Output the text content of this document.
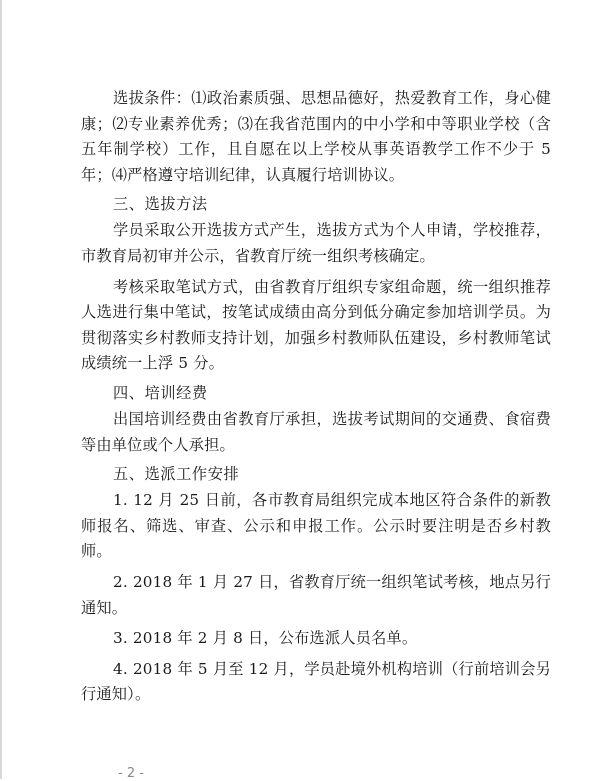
选拔条件：⑴政治素质强、思想品德好，热爱教育工作，身心健康；⑵专业素养优秀；⑶在我省范围内的中小学和中等职业学校（含五年制学校）工作，且自愿在以上学校从事英语教学工作不少于 5 年；⑷严格遵守培训纪律，认真履行培训协议。

三、选拔方法

学员采取公开选拔方式产生，选拔方式为个人申请，学校推荐，市教育局初审并公示，省教育厅统一组织考核确定。

考核采取笔试方式，由省教育厅组织专家组命题，统一组织推荐人选进行集中笔试，按笔试成绩由高分到低分确定参加培训学员。为贯彻落实乡村教师支持计划，加强乡村教师队伍建设，乡村教师笔试成绩统一上浮 5 分。

四、培训经费

出国培训经费由省教育厅承担，选拔考试期间的交通费、食宿费等由单位或个人承担。

五、选派工作安排

1. 12 月 25 日前，各市教育局组织完成本地区符合条件的新教师报名、筛选、审查、公示和申报工作。公示时要注明是否乡村教师。

2. 2018 年 1 月 27 日，省教育厅统一组织笔试考核，地点另行通知。

3. 2018 年 2 月 8 日，公布选派人员名单。

4. 2018 年 5 月至 12 月，学员赴境外机构培训（行前培训会另行通知）。

- 2 -
